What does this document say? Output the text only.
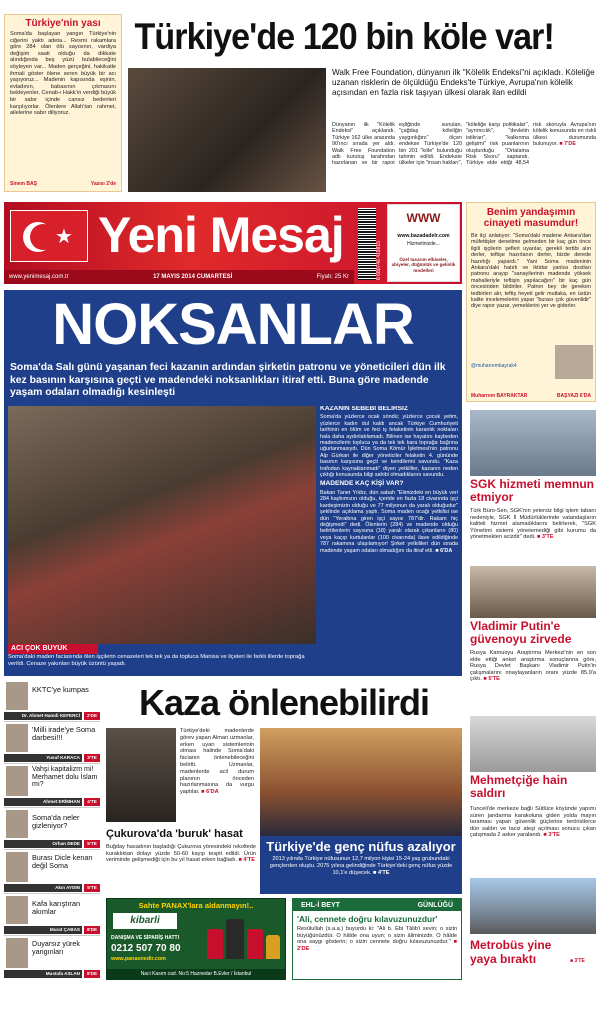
Türkiye'nin yası
Soma'da başlayan yangın Türkiye'nin ciğerini yaktı adeta... Resmi rakamlara göre 284 olan ölü sayısının, vardiya değişim saati olduğu da dikkate alındığında beş yüzü bulabileceğini söyleyen var... Maden gerçeğini, hakikatle ihmali göster ölene seren büyük bir acı yaşıyoruz... Madenin kapısında eşinin, evladının, babasının çıkmasını bekleyenler, Cenab-ı Hakk'ın verdiği büyük bir sabır içinde cansız bedenleri karşılıyorlar. Ölenlere Allah'tan rahmet, ailelerine sabır diliyoruz.
Sinem BAŞ	Yazısı 2'de
Türkiye'de 120 bin köle var!
Walk Free Foundation, dünyanın ilk "Kölelik Endeksi"ni açıkladı. Köleliğe uzanan risklerin de ölçüldüğü Endeks'te Türkiye, Avrupa'nın kölelik açısından en fazla risk taşıyan ülkesi olarak ilan edildi
Dünyanın ilk "Kölelik Endeksi" açıklandı. Türkiye 162 ülke arasında 90'ıncı sırada yer aldı. Walk Free Foundation adlı kuruluş tarafından hazırlanan ve bir rapor eşliğinde sunulan, "çağdaş köleliğin yaygınlığını" ölçen endekse Türkiye'de 120 bin 201 "köle" bulunduğu tahmin edildi. Endekste ülkeler için "insan hakları", "köleliğe karşı politikalar", "ayrımcılık", "devletin istikrarı", "kalkınma gelişimi" risk puanlarının oluşturduğu "Ortalama Risk Skoru" saptandı. Türkiye elde ettiği 48,54 risk skoruyla Avrupa'nın kölelik konusunda en riskli ülkesi durumunda bulunuyor. ■ 7'DE
★ Yeni Mesaj
www.yenimesaj.com.tr	17 MAYIS 2014 CUMARTESİ	Fiyatı: 25 Kr	8 680746 419815
WWW
www.bazadadelr.com
Hizmetinizde...
Özel tasarım elbiseler, abiyeler, düğünlük ve gelinlik modelleri
Benim yandaşımın cinayeti masumdur!
Bir ilçi anlatıyor: "Soma'daki madene Ankara'dan müfettişler denetime gelmeden bir kaç gün önce ilgili işçilerin şefleri uyarılar, gerekli tertibi alın derler, teftişe hazırlanın derler, bizde derede hazırlığı yapardı." Yani Soma madeninin Ankara'daki hatırlı ve iktidar yanlısı dostları patronu arayıp "sanayilerinin madende yöksek mahalleriyle teftişin yapılacağını" bir kaç gün öncesinden bildiriler. Patron bey de gereken tedbirleri alır, teftiş heyeti gelir mutlaka, en üstün kalite incelemelerini yapar "burası çok güvenlidir" diye rapor yazar, yemeklerini yer ve giderler.
@muharrembayrak4
Muharrem BAYRAKTAR	BAŞYAZI 6'DA
NOKSANLAR
Soma'da Salı günü yaşanan feci kazanın ardından şirketin patronu ve yöneticileri dün ilk kez basının karşısına geçti ve madendeki noksanlıkları itiraf etti. Buna göre madende yaşam odaları olmadığı kesinleşti
ACI ÇOK BÜYÜK
Soma'daki maden faciasında ölen işçilerin cenazeleri tek tek ya da topluca Manisa ve ilçeleri ile farklı illerde toprağa verildi. Cenaze yakınları büyük üzüntü yaşadı.
KAZANIN SEBEBİ BELİRSİZ
Soma'da yüzlerce ocak söndü; yüzlerce çocuk yetim, yüzlerce kadın dul kaldı ancak Türkiye Cumhuriyeti tarihinin en ölüm ve feci iş felaketinin karanlık noktaları hala daha aydınlatılamadı. Bilinen ise hayatını kaybeden madencilerin topluca ya da tek tek kara toprağa bağrına uğurlanmasıydı. Dün Soma Kömür İşletmesi'nin patronu Alp Gürkan ile diğer yöneticiler felaketin 4. gününde basının karşısına geçti ve kendilerini savundu. "Kaza trafodan kaynaklanmadı" diyen yetkililer, kazanın neden çıktığı konusunda bilgi sahibi olmadıklarını savundu.
MADENDE KAÇ KİŞİ VAR?
Bakan Taner Yıldız, dün sabah "Elimizdeki en büyük veri 284 kaybımızın olduğu, içeride en fazla 18 civarında işçi kardeşimizin olduğu ve 77 milyonun da yaralı olduğudur" şeklinde açıklama yaptı. Soma maden ocağı yetkilisi ise dün "Yeraltına giren işçi sayısı 787'dir. Rakam hiç değişmedi" dedi. Ölenlerin (284) ve madende olduğu belirtilenlerin sayısına (18) yaralı olarak çıkanların (80) veya kaçıp kurtulanlar (100 civarında) ilave edildiğinde 787 rakamına ulaşılamıyor! Şirket yetkilileri dün sırada madende yaşam odaları olmadığını da itiraf etti. ■ 6'DA
SGK hizmeti memnun etmiyor
Türk Büro-Sen, SGK'nın yetersiz bilgi işlem tabanı nedeniyle, SGK İl Müdürlüklerinde vatandaşların kaliteli hizmet alamadıklarını belirterek, "SGK Yönetimi sistemi yönetemediği gibi kurumu da yönetmekten acizdir" dedi. ■ 3'TE
Vladimir Putin'e güvenoyu zirvede
Rusya Kamuoyu Araştırma Merkezi'nin en son elde ettiği anket araştırma sonuçlarına göre, Rusya Devlet Başkanı Vladimir Putin'in çalışmalarını onaylayanların oranı yüzde 85,9'a çıktı. ■ 5'TE
Mehmetçiğe hain saldırı
Tunceli'de merkeze bağlı Sütlüce köyünde yapımı süren jandarma karakoluna giden yolda mayın taraması yapan güvenlik güçlerine teröristlerce dün saldırı ve taciz ateşi açılması sonucu çıkan çatışmada 2 asker yaralandı. ■ 3'TE
Metrobüs yine yaya bıraktı	■ 3'TE
KKTC'ye kumpas
Dr. Ahmet Hamdi KEFERCİ	2'DE
'Milli irade'ye Soma darbesi!!!
Yusuf KARACA	3'TE
Vahşi kapitalizm mi! Merhamet dolu İslam mı?
Ahmet ERİMHAN	4'TE
Soma'da neler gizleniyor?
Orhan DEDE	5'TE
Burası Dicle kenarı değil Soma
Akın AYDIN	5'TE
Kafa karıştıran akımlar
Murat ÇABAS	8'DE
Duyarsız yürek yangınları
Mustafa ASLAN	8'DE
Kaza önlenebilirdi
Türkiye'deki madenlerde görev yapan Alman uzmanlar, erken uyarı sistemlerinin olması halinde Soma'daki facianın önlenebileceğini belirtti. Uzmanlar, madenlerde acil durum planının önceden hazırlanmasına da vurgu yaptılar. ■ 6'DA
Türkiye'de genç nüfus azalıyor
2013 yılında Türkiye nüfusunun 12,7 milyon kişisi 15-24 yaş grubundaki gençlerden oluştu. 2075 yılına gelindiğinde Türkiye'deki genç nüfus yüzde 10,1'e düşecek. ■ 4'TE
Çukurova'da 'buruk' hasat
Buğday hasadının başladığı Çukurova yöresindeki rekoltede kuraklıktan dolayı yüzde 50-60 kayıp tespit edildi. Ürün veriminde gelişmediği için bu yıl hasat erken bağladı. ■ 4'TE
Sahte PANAX'lara aldanmayın!..
kibarli
DANIŞMA VE SİPARİŞ HATTI
0212 507 70 80
www.panaxnedir.com
Naci Kasım cad. No:5 Haznedar B.Evler / İstanbul
EHL-İ BEYT	GÜNLÜĞÜ
'Ali, cennete doğru kılavuzunuzdur'
Resûlullah (s.a.a.) buyurdu ki: "Ali b. Ebi Tâlib'i sevin; o sizin büyüğünüzdür. O hâlde ona uyun; o sizin âliminizdir. O hâlde ona saygı gösterin; o sizin cennete doğru kılavuzunuzdur." ■ 2'DE
